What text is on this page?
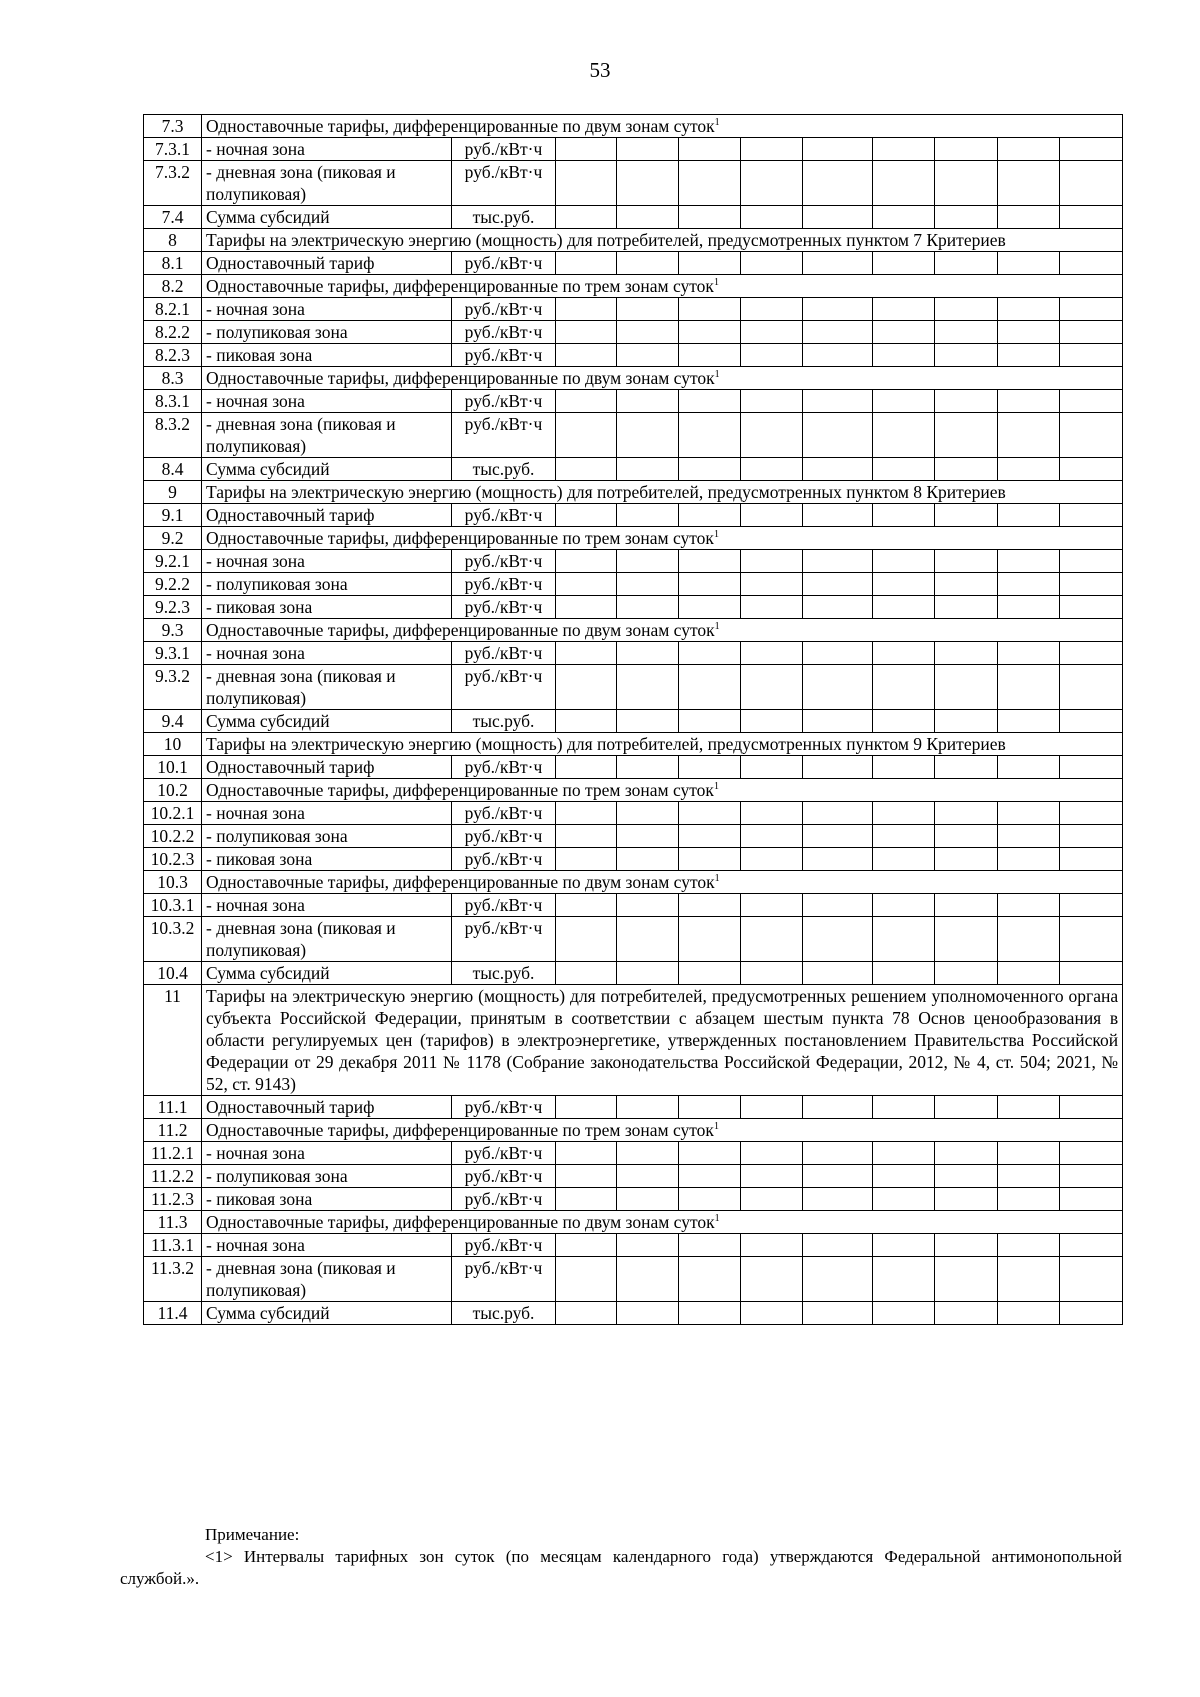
53
7.3	Одноставочные тарифы, дифференцированные по двум зонам суток$^1$
7.3.1	- ночная зона	руб./кВт·ч									
7.3.2	- дневная зона (пиковая и полупиковая)	руб./кВт·ч									
7.4	Сумма субсидий	тыс.руб.									
8	Тарифы на электрическую энергию (мощность) для потребителей, предусмотренных пунктом 7 Критериев										
8.1	Одноставочный тариф	руб./кВт·ч									
8.2	Одноставочные тарифы, дифференцированные по трем зонам суток$^1$
8.2.1	- ночная зона	руб./кВт·ч									
8.2.2	- полупиковая зона	руб./кВт·ч									
8.2.3	- пиковая зона	руб./кВт·ч									
8.3	Одноставочные тарифы, дифференцированные по двум зонам суток$^1$
8.3.1	- ночная зона	руб./кВт·ч									
8.3.2	- дневная зона (пиковая и полупиковая)	руб./кВт·ч									
8.4	Сумма субсидий	тыс.руб.									
9	Тарифы на электрическую энергию (мощность) для потребителей, предусмотренных пунктом 8 Критериев										
9.1	Одноставочный тариф	руб./кВт·ч									
9.2	Одноставочные тарифы, дифференцированные по трем зонам суток$^1$
9.2.1	- ночная зона	руб./кВт·ч									
9.2.2	- полупиковая зона	руб./кВт·ч									
9.2.3	- пиковая зона	руб./кВт·ч									
9.3	Одноставочные тарифы, дифференцированные по двум зонам суток$^1$
9.3.1	- ночная зона	руб./кВт·ч									
9.3.2	- дневная зона (пиковая и полупиковая)	руб./кВт·ч									
9.4	Сумма субсидий	тыс.руб.									
10	Тарифы на электрическую энергию (мощность) для потребителей, предусмотренных пунктом 9 Критериев										
10.1	Одноставочный тариф	руб./кВт·ч									
10.2	Одноставочные тарифы, дифференцированные по трем зонам суток$^1$
10.2.1	- ночная зона	руб./кВт·ч									
10.2.2	- полупиковая зона	руб./кВт·ч									
10.2.3	- пиковая зона	руб./кВт·ч									
10.3	Одноставочные тарифы, дифференцированные по двум зонам суток$^1$
10.3.1	- ночная зона	руб./кВт·ч									
10.3.2	- дневная зона (пиковая и полупиковая)	руб./кВт·ч									
10.4	Сумма субсидий	тыс.руб.									
11	Тарифы на электрическую энергию (мощность) для потребителей, предусмотренных решением уполномоченного органа субъекта Российской Федерации, принятым в соответствии с абзацем шестым пункта 78 Основ ценообразования в области регулируемых цен (тарифов) в электроэнергетике, утвержденных постановлением Правительства Российской Федерации от 29 декабря 2011 № 1178 (Собрание законодательства Российской Федерации, 2012, № 4, ст. 504; 2021, № 52, ст. 9143)										
11.1	Одноставочный тариф	руб./кВт·ч									
11.2	Одноставочные тарифы, дифференцированные по трем зонам суток$^1$
11.2.1	- ночная зона	руб./кВт·ч									
11.2.2	- полупиковая зона	руб./кВт·ч									
11.2.3	- пиковая зона	руб./кВт·ч									
11.3	Одноставочные тарифы, дифференцированные по двум зонам суток$^1$
11.3.1	- ночная зона	руб./кВт·ч									
11.3.2	- дневная зона (пиковая и полупиковая)	руб./кВт·ч									
11.4	Сумма субсидий	тыс.руб.									
Примечание:
<1> Интервалы тарифных зон суток (по месяцам календарного года) утверждаются Федеральной антимонопольной службой.».
